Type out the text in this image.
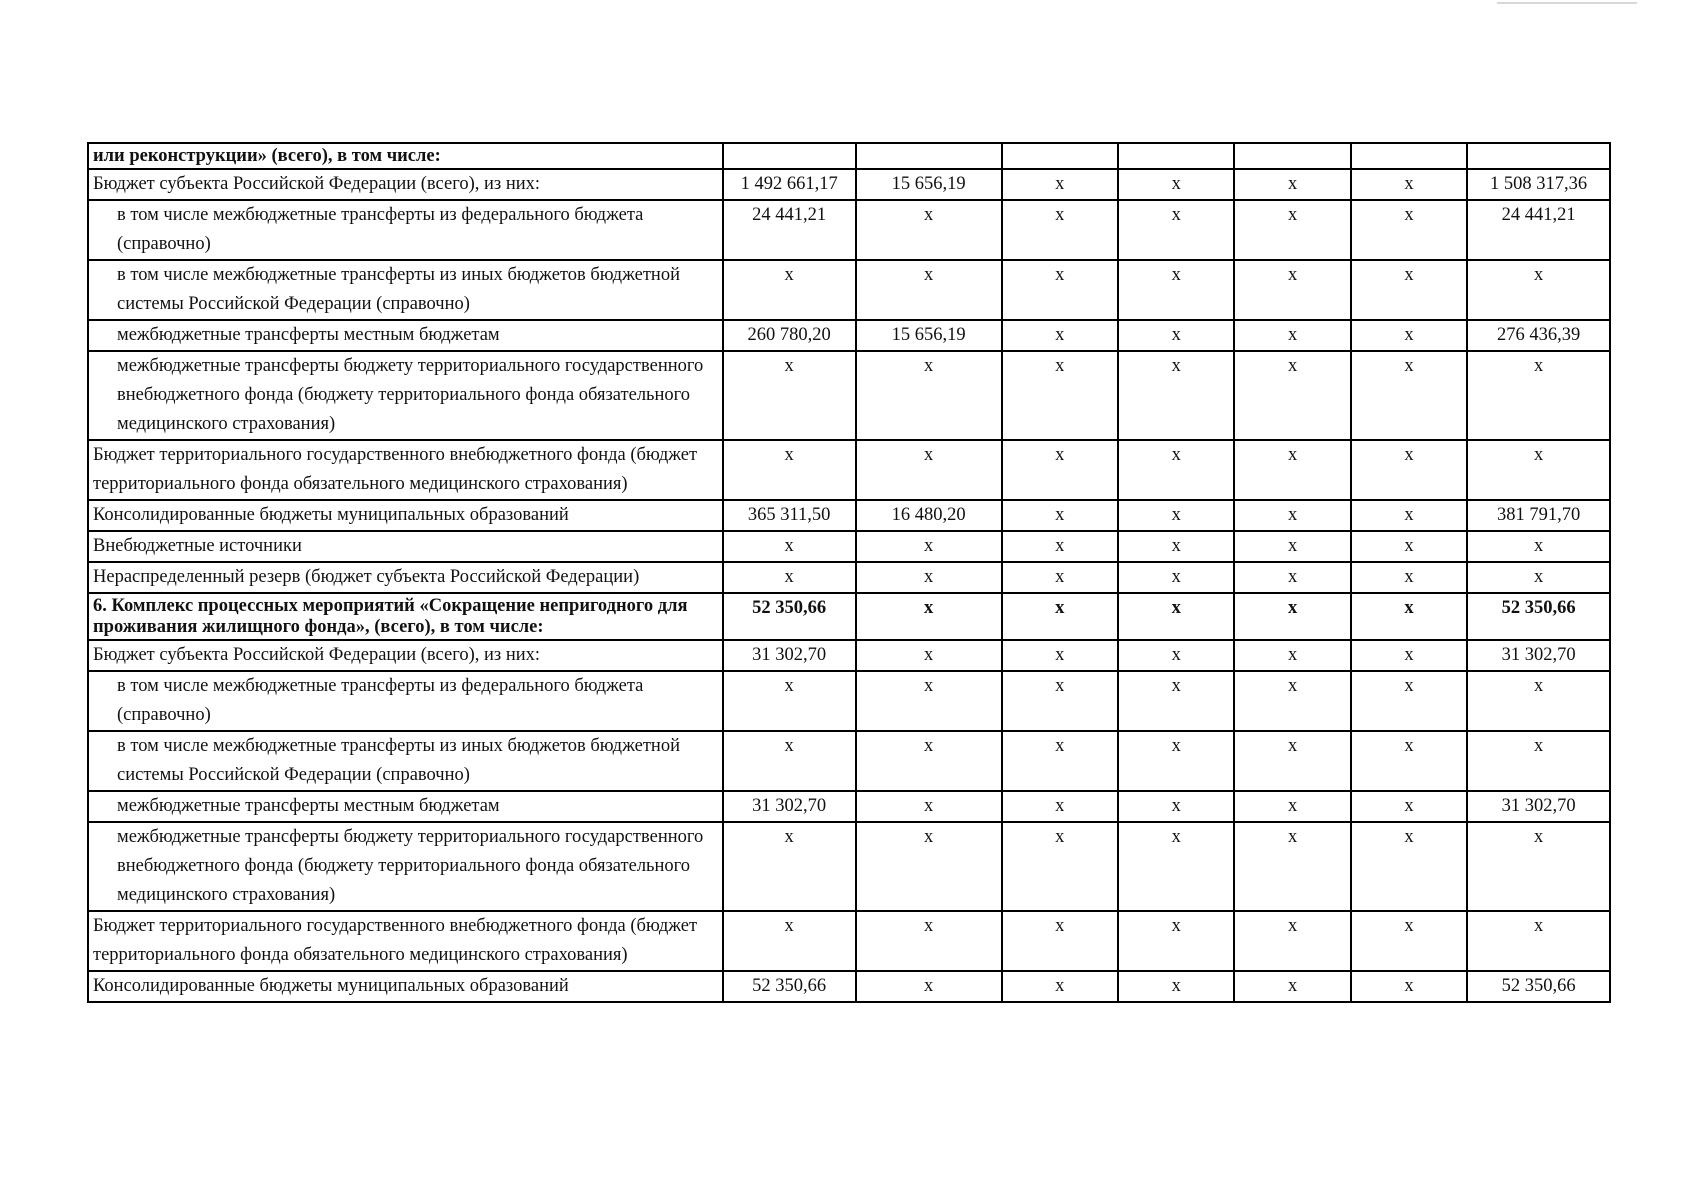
или реконструкции» (всего), в том числе:							

Бюджет субъекта Российской Федерации (всего), из них:	1 492 661,17	15 656,19	x	x	x	x	1 508 317,36

в том числе межбюджетные трансферты из федерального бюджета (справочно)	24 441,21	x	x	x	x	x	24 441,21

в том числе межбюджетные трансферты из иных бюджетов бюджетной системы Российской Федерации (справочно)	x	x	x	x	x	x	x

межбюджетные трансферты местным бюджетам	260 780,20	15 656,19	x	x	x	x	276 436,39

межбюджетные трансферты бюджету территориального государственного внебюджетного фонда (бюджету территориального фонда обязательного медицинского страхования)	x	x	x	x	x	x	x

Бюджет территориального государственного внебюджетного фонда (бюджет территориального фонда обязательного медицинского страхования)	x	x	x	x	x	x	x

Консолидированные бюджеты муниципальных образований	365 311,50	16 480,20	x	x	x	x	381 791,70

Внебюджетные источники	x	x	x	x	x	x	x

Нераспределенный резерв (бюджет субъекта Российской Федерации)	x	x	x	x	x	x	x

6. Комплекс процессных мероприятий «Сокращение непригодного для проживания жилищного фонда», (всего), в том числе:	52 350,66	x	x	x	x	x	52 350,66

Бюджет субъекта Российской Федерации (всего), из них:	31 302,70	x	x	x	x	x	31 302,70

в том числе межбюджетные трансферты из федерального бюджета (справочно)	x	x	x	x	x	x	x

в том числе межбюджетные трансферты из иных бюджетов бюджетной системы Российской Федерации (справочно)	x	x	x	x	x	x	x

межбюджетные трансферты местным бюджетам	31 302,70	x	x	x	x	x	31 302,70

межбюджетные трансферты бюджету территориального государственного внебюджетного фонда (бюджету территориального фонда обязательного медицинского страхования)	x	x	x	x	x	x	x

Бюджет территориального государственного внебюджетного фонда (бюджет территориального фонда обязательного медицинского страхования)	x	x	x	x	x	x	x

Консолидированные бюджеты муниципальных образований	52 350,66	x	x	x	x	x	52 350,66
